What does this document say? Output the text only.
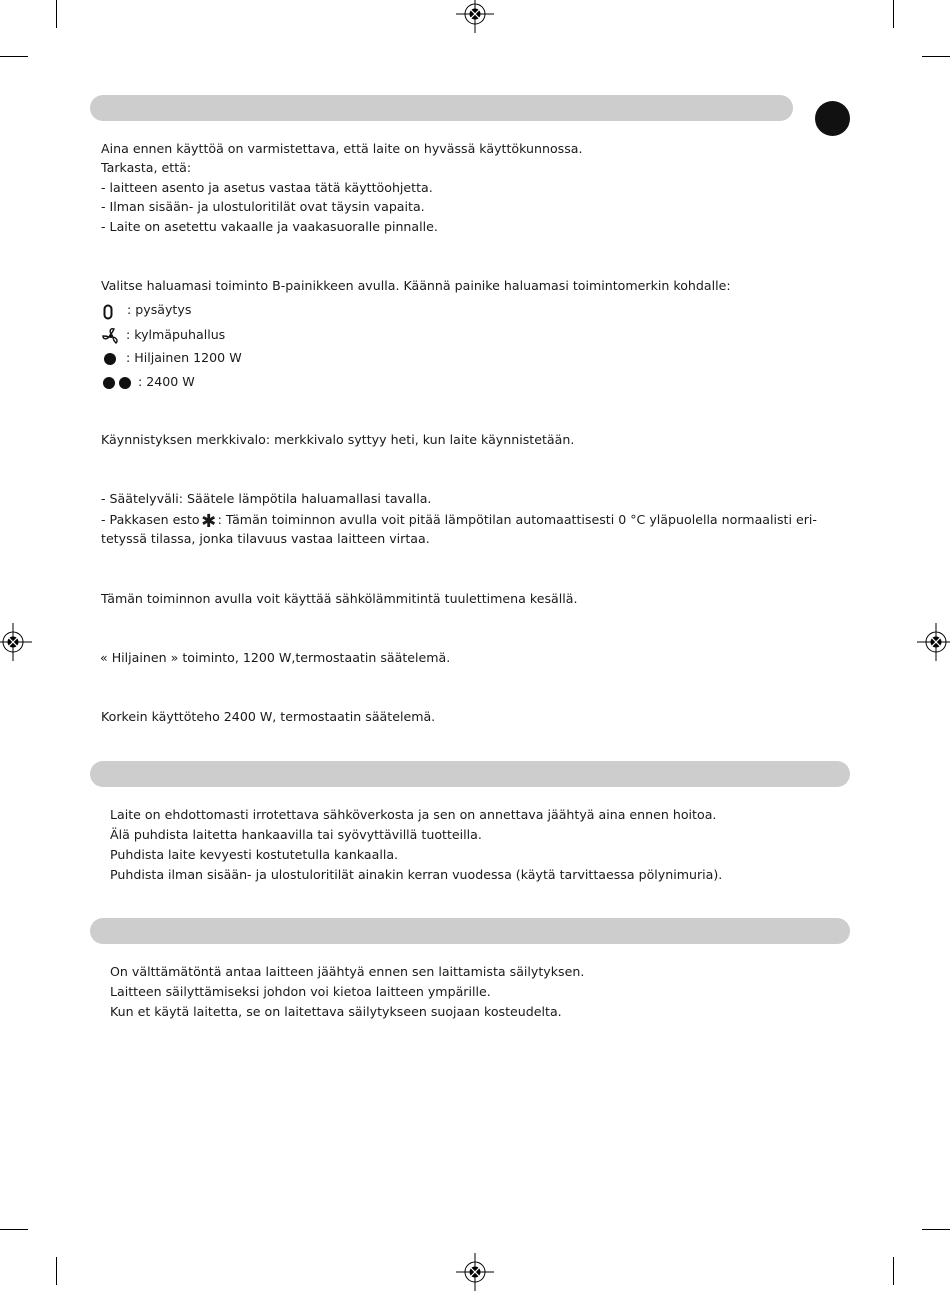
Aina ennen käyttöä on varmistettava, että laite on hyvässä käyttökunnossa.
Tarkasta, että:
- laitteen asento ja asetus vastaa tätä käyttöohjetta.
- Ilman sisään- ja ulostuloritilät ovat täysin vapaita.
- Laite on asetettu vakaalle ja vaakasuoralle pinnalle.
Valitse haluamasi toiminto B-painikkeen avulla. Käännä painike haluamasi toimintomerkin kohdalle:
: pysäytys
: kylmäpuhallus
: Hiljainen 1200 W
: 2400 W
Käynnistyksen merkkivalo: merkkivalo syttyy heti, kun laite käynnistetään.
- Säätelyväli: Säätele lämpötila haluamallasi tavalla.
- Pakkasen esto✱: Tämän toiminnon avulla voit pitää lämpötilan automaattisesti 0 °C yläpuolella normaalisti eri-
tetyssä tilassa, jonka tilavuus vastaa laitteen virtaa.
Tämän toiminnon avulla voit käyttää sähkölämmitintä tuulettimena kesällä.
« Hiljainen » toiminto, 1200 W,termostaatin säätelemä.
Korkein käyttöteho 2400 W, termostaatin säätelemä.
Laite on ehdottomasti irrotettava sähköverkosta ja sen on annettava jäähtyä aina ennen hoitoa.
Älä puhdista laitetta hankaavilla tai syövyttävillä tuotteilla.
Puhdista laite kevyesti kostutetulla kankaalla.
Puhdista ilman sisään- ja ulostuloritilät ainakin kerran vuodessa (käytä tarvittaessa pölynimuria).
On välttämätöntä antaa laitteen jäähtyä ennen sen laittamista säilytyksen.
Laitteen säilyttämiseksi johdon voi kietoa laitteen ympärille.
Kun et käytä laitetta, se on laitettava säilytykseen suojaan kosteudelta.
